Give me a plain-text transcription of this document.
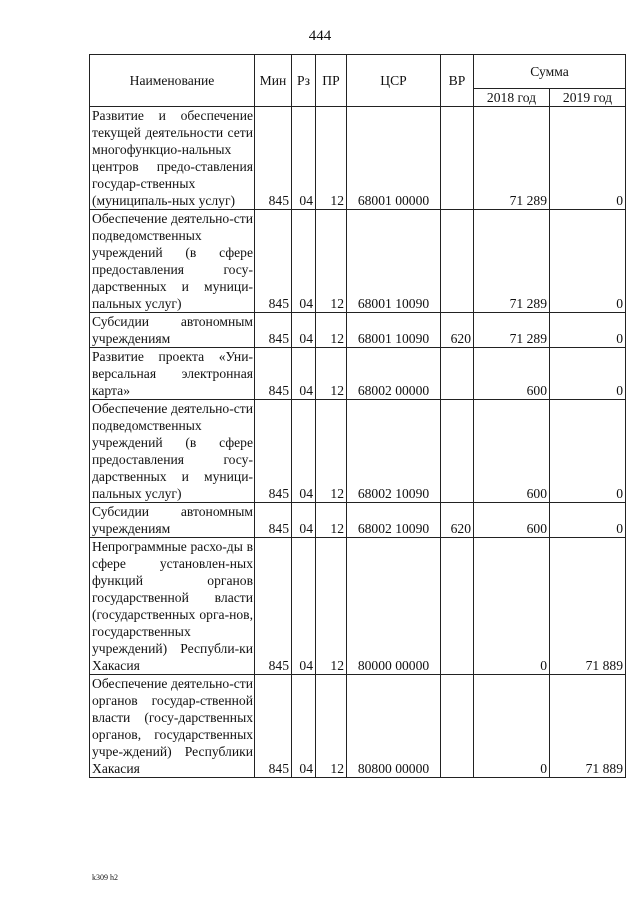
444
Наименование	Мин	Рз	ПР	ЦСР	ВР	Сумма	
						2018 год	2019 год
Развитие и обеспечение текущей деятельности сети многофункцио-нальных центров предо-ставления государ-ственных (муниципаль-ных услуг)	845	04	12	68001 00000		71 289	0
Обеспечение деятельно-сти подведомственных учреждений (в сфере предоставления госу-дарственных и муници-пальных услуг)	845	04	12	68001 10090		71 289	0
Субсидии автономным учреждениям	845	04	12	68001 10090	620	71 289	0
Развитие проекта «Уни-версальная электронная карта»	845	04	12	68002 00000		600	0
Обеспечение деятельно-сти подведомственных учреждений (в сфере предоставления госу-дарственных и муници-пальных услуг)	845	04	12	68002 10090		600	0
Субсидии автономным учреждениям	845	04	12	68002 10090	620	600	0
Непрограммные расхо-ды в сфере установлен-ных функций органов государственной власти (государственных орга-нов, государственных учреждений) Республи-ки Хакасия	845	04	12	80000 00000		0	71 889
Обеспечение деятельно-сти органов государ-ственной власти (госу-дарственных органов, государственных учре-ждений) Республики Хакасия	845	04	12	80800 00000		0	71 889
k309 h2
